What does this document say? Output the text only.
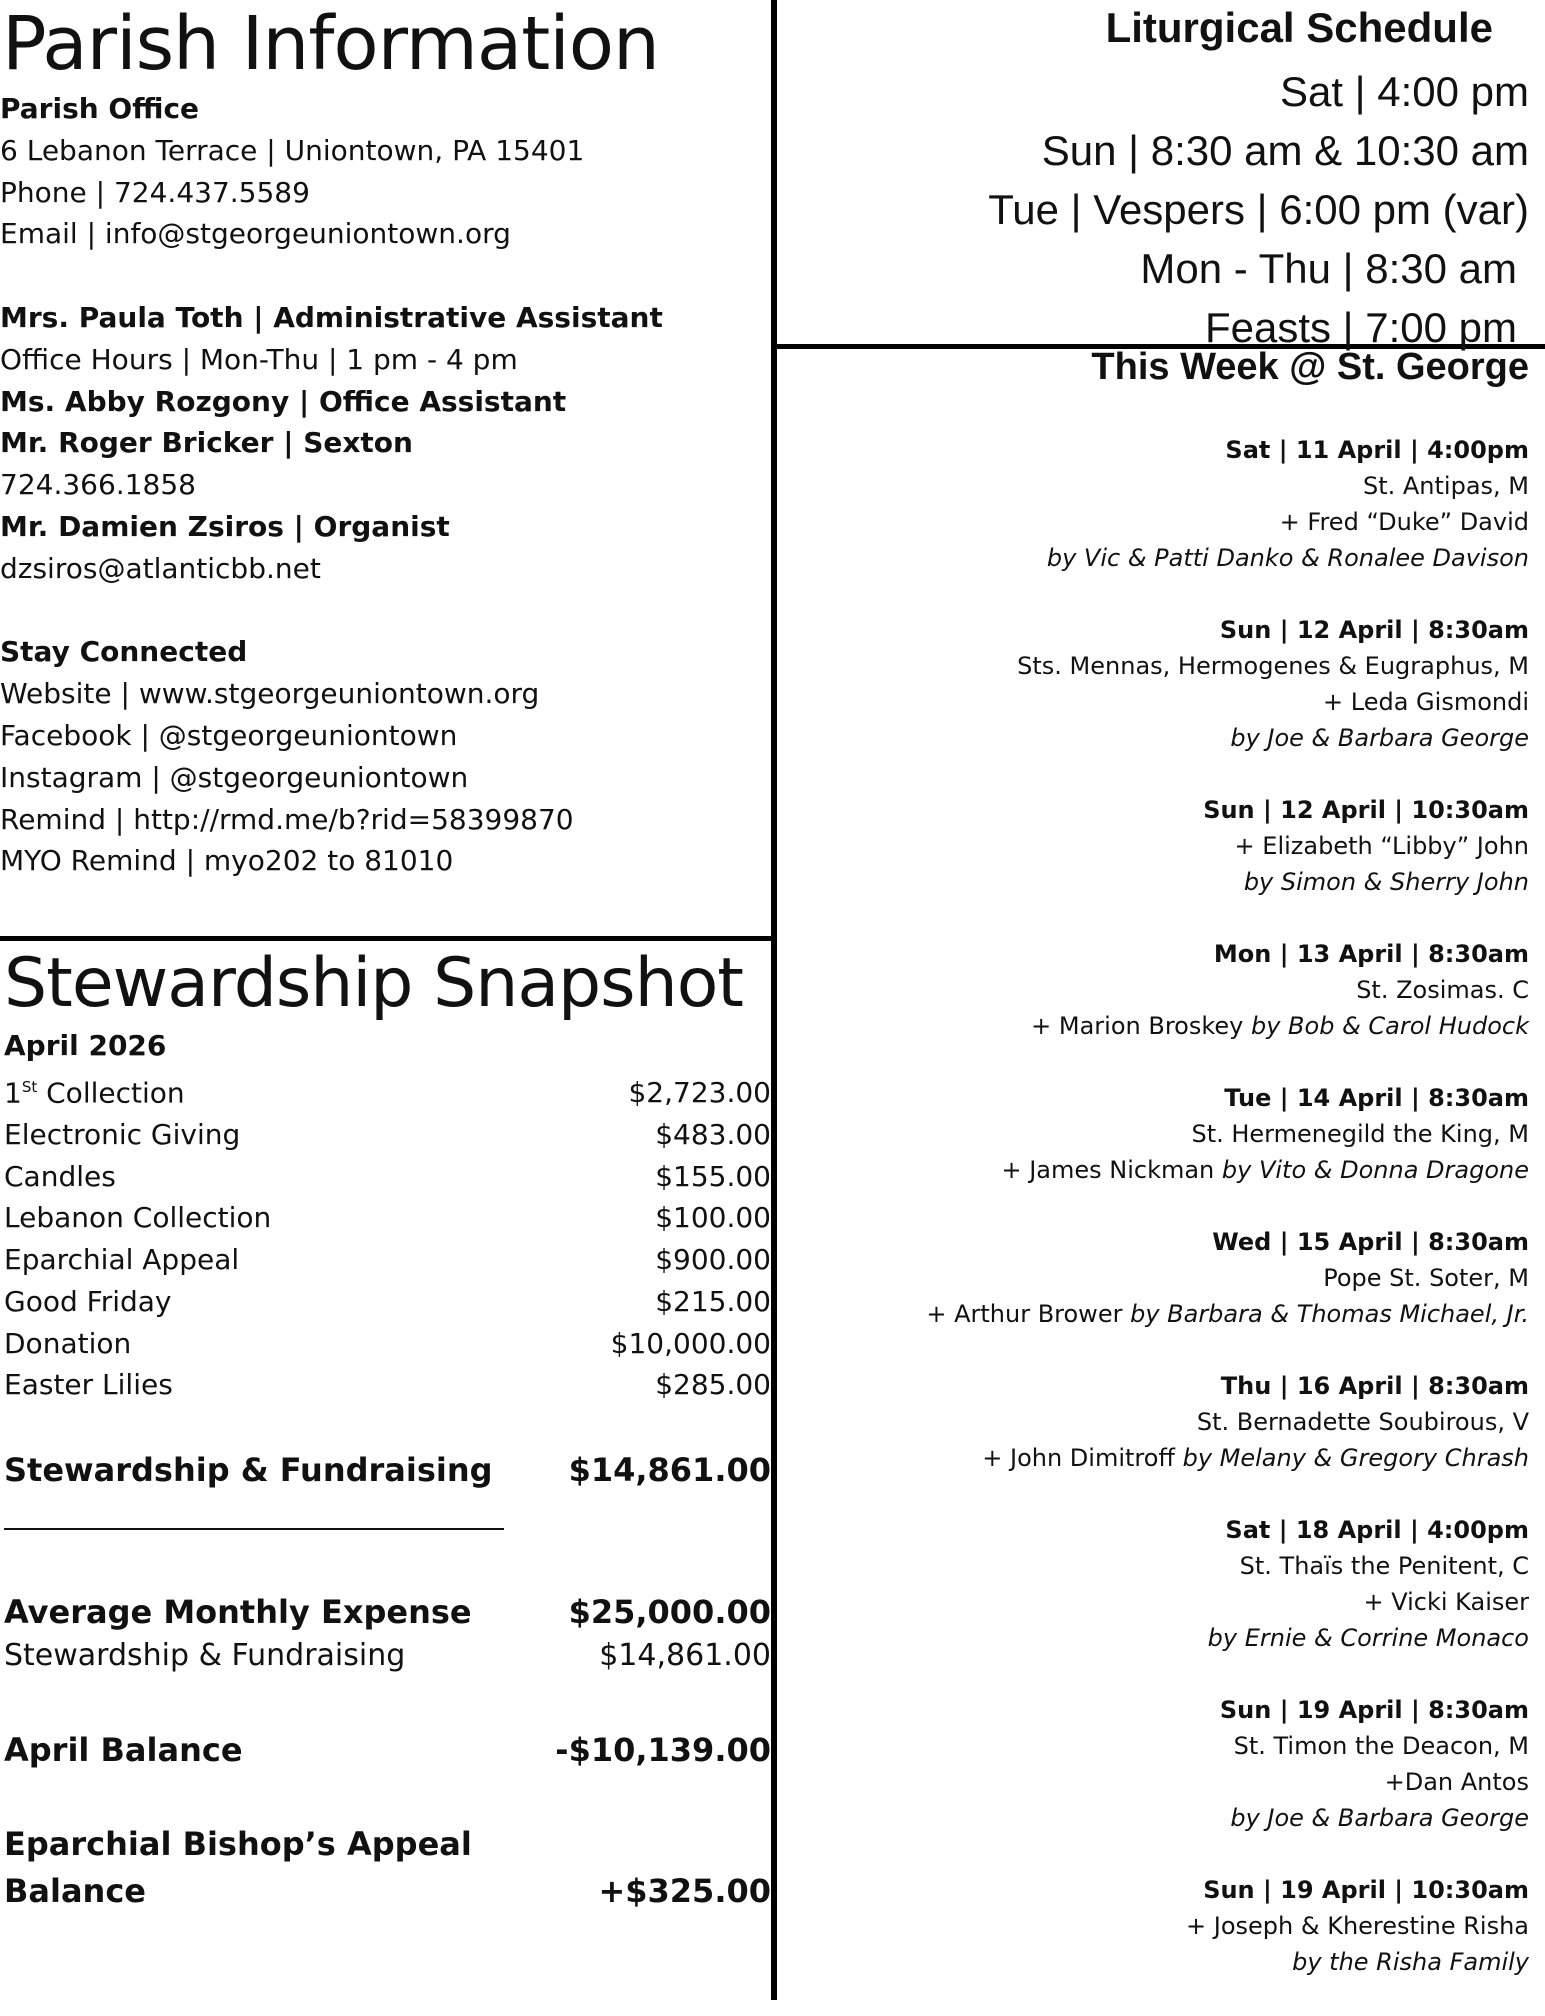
Parish Information
Parish Office
6 Lebanon Terrace | Uniontown, PA 15401
Phone | 724.437.5589
Email | info@stgeorgeuniontown.org
Mrs. Paula Toth | Administrative Assistant
Office Hours | Mon-Thu | 1 pm - 4 pm
Ms. Abby Rozgony | Office Assistant
Mr. Roger Bricker | Sexton
724.366.1858
Mr. Damien Zsiros | Organist
dzsiros@atlanticbb.net
Stay Connected
Website | www.stgeorgeuniontown.org
Facebook | @stgeorgeuniontown
Instagram | @stgeorgeuniontown
Remind | http://rmd.me/b?rid=58399870
MYO Remind | myo202 to 81010
Stewardship Snapshot
April 2026
1St Collection	$2,723.00
Electronic Giving	$483.00
Candles	$155.00
Lebanon Collection	$100.00
Eparchial Appeal	$900.00
Good Friday	$215.00
Donation	$10,000.00
Easter Lilies	$285.00
Stewardship & Fundraising $14,861.00
Average Monthly Expense	$25,000.00
Stewardship & Fundraising	$14,861.00
April Balance	-$10,139.00
Eparchial Bishop’s Appeal
Balance	+$325.00
Liturgical Schedule
Sat | 4:00 pm
Sun | 8:30 am & 10:30 am
Tue | Vespers | 6:00 pm (var)
Mon - Thu | 8:30 am
Feasts | 7:00 pm
This Week @ St. George
Sat | 11 April | 4:00pm
St. Antipas, M
+ Fred “Duke” David
by Vic & Patti Danko & Ronalee Davison
Sun | 12 April | 8:30am
Sts. Mennas, Hermogenes & Eugraphus, M
+ Leda Gismondi
by Joe & Barbara George
Sun | 12 April | 10:30am
+ Elizabeth “Libby” John
by Simon & Sherry John
Mon | 13 April | 8:30am
St. Zosimas. C
+ Marion Broskey by Bob & Carol Hudock
Tue | 14 April | 8:30am
St. Hermenegild the King, M
+ James Nickman by Vito & Donna Dragone
Wed | 15 April | 8:30am
Pope St. Soter, M
+ Arthur Brower by Barbara & Thomas Michael, Jr.
Thu | 16 April | 8:30am
St. Bernadette Soubirous, V
+ John Dimitroff by Melany & Gregory Chrash
Sat | 18 April | 4:00pm
St. Thaïs the Penitent, C
+ Vicki Kaiser
by Ernie & Corrine Monaco
Sun | 19 April | 8:30am
St. Timon the Deacon, M
+Dan Antos
by Joe & Barbara George
Sun | 19 April | 10:30am
+ Joseph & Kherestine Risha
by the Risha Family
